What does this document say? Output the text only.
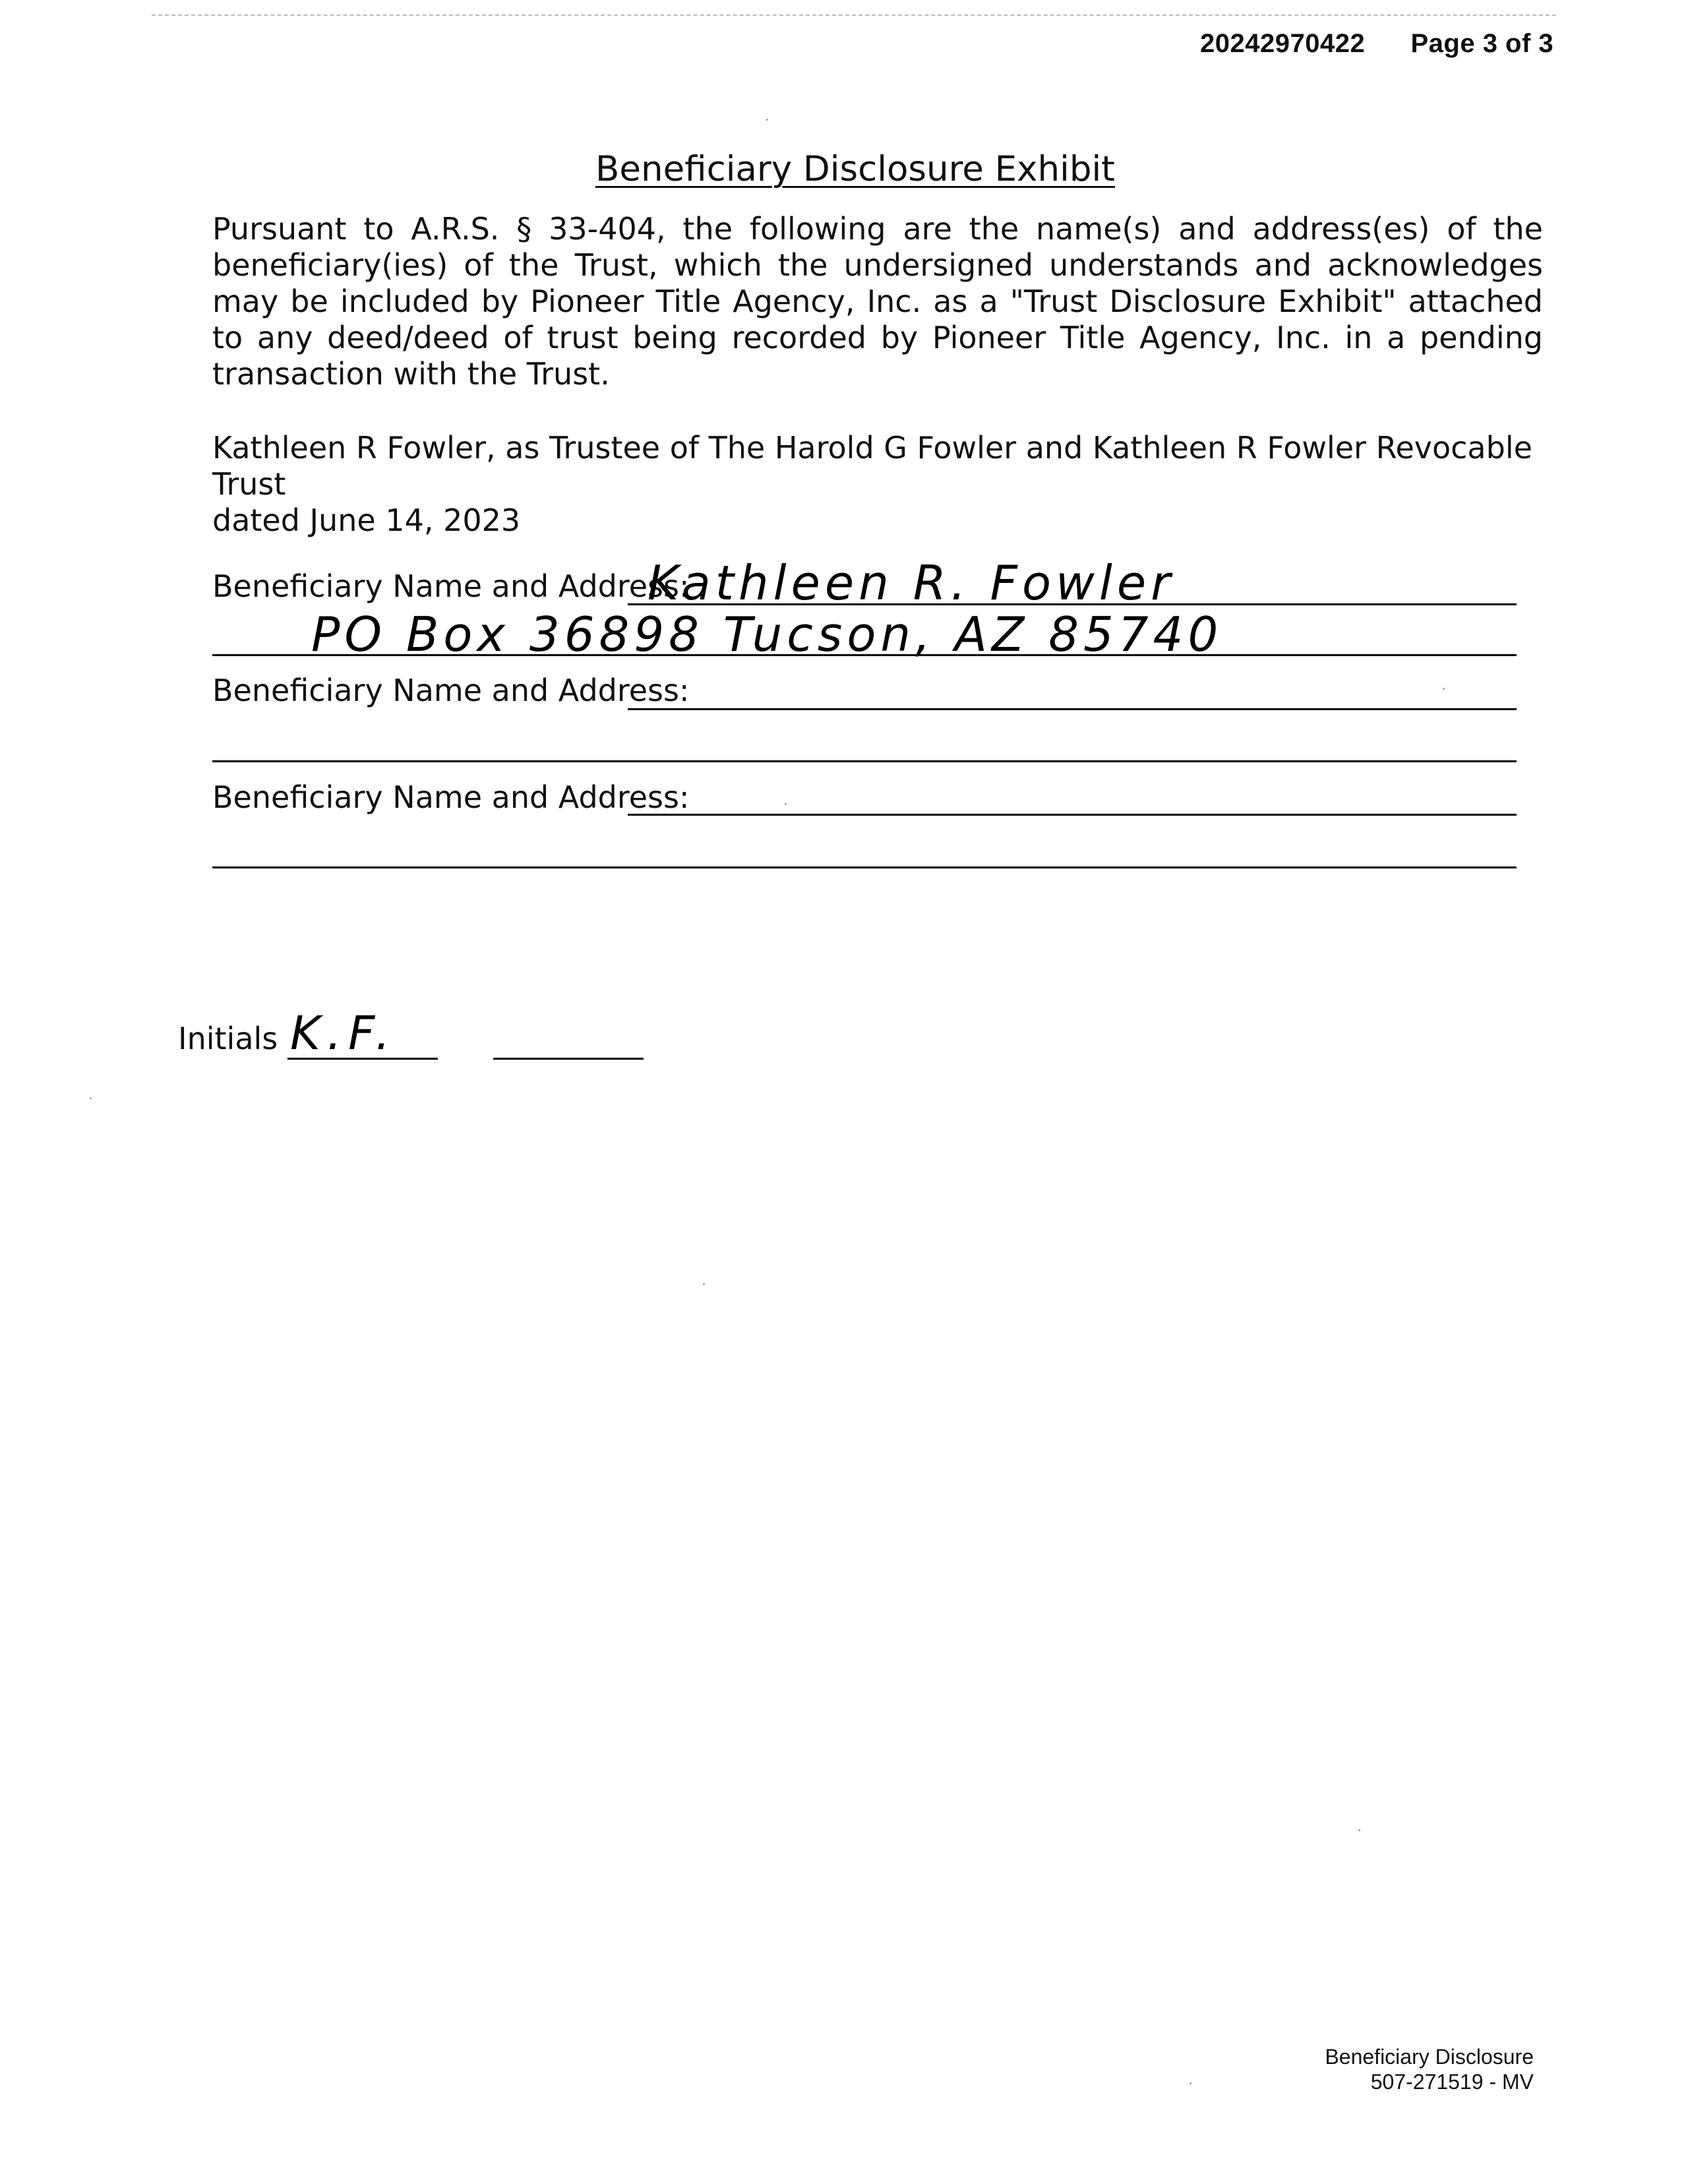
20242970422 Page 3 of 3
Beneficiary Disclosure Exhibit
Pursuant to A.R.S. § 33-404, the following are the name(s) and address(es) of the beneficiary(ies) of the Trust, which the undersigned understands and acknowledges may be included by Pioneer Title Agency, Inc. as a "Trust Disclosure Exhibit" attached to any deed/deed of trust being recorded by Pioneer Title Agency, Inc. in a pending transaction with the Trust.
Kathleen R Fowler, as Trustee of The Harold G Fowler and Kathleen R Fowler Revocable Trust
dated June 14, 2023
Beneficiary Name and Address:
Kathleen R. Fowler
PO Box 36898 Tucson, AZ 85740
Beneficiary Name and Address:
Beneficiary Name and Address:
Initials K.F.
Beneficiary Disclosure
507-271519 - MV
